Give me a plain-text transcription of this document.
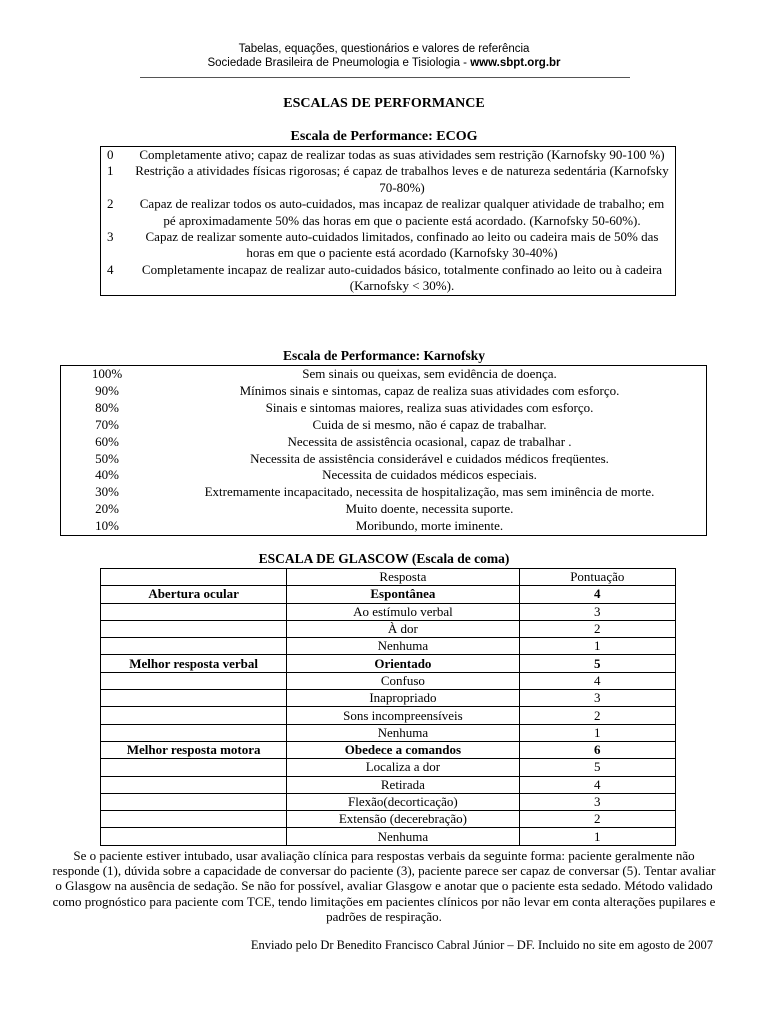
Tabelas, equações, questionários e valores de referência
Sociedade Brasileira de Pneumologia e Tisiologia - www.sbpt.org.br
ESCALAS DE PERFORMANCE
Escala de Performance: ECOG
0	Completamente ativo; capaz de realizar todas as suas atividades sem restrição (Karnofsky 90-100 %)
1	Restrição a atividades físicas rigorosas; é capaz de trabalhos leves e de natureza sedentária (Karnofsky 70-80%)
2	Capaz de realizar todos os auto-cuidados, mas incapaz de realizar qualquer atividade de trabalho; em pé aproximadamente 50% das horas em que o paciente está acordado. (Karnofsky 50-60%).
3	Capaz de realizar somente auto-cuidados limitados, confinado ao leito ou cadeira mais de 50% das horas em que o paciente está acordado (Karnofsky 30-40%)
4	Completamente incapaz de realizar auto-cuidados básico, totalmente confinado ao leito ou à cadeira (Karnofsky < 30%).
Escala de Performance: Karnofsky
100%	Sem sinais ou queixas, sem evidência de doença.
90%	Mínimos sinais e sintomas, capaz de realiza suas atividades com esforço.
80%	Sinais e sintomas maiores, realiza suas atividades com esforço.
70%	Cuida de si mesmo, não é capaz de trabalhar.
60%	Necessita de assistência ocasional, capaz de trabalhar .
50%	Necessita de assistência considerável e cuidados médicos freqüentes.
40%	Necessita de cuidados médicos especiais.
30%	Extremamente incapacitado, necessita de hospitalização, mas sem iminência de morte.
20%	Muito doente, necessita suporte.
10%	Moribundo, morte iminente.
ESCALA DE GLASCOW (Escala de coma)
	Resposta	Pontuação
Abertura ocular	Espontânea	4
	Ao estímulo verbal	3
	À dor	2
	Nenhuma	1
Melhor resposta verbal	Orientado	5
	Confuso	4
	Inapropriado	3
	Sons incompreensíveis	2
	Nenhuma	1
Melhor resposta motora	Obedece a comandos	6
	Localiza a dor	5
	Retirada	4
	Flexão(decorticação)	3
	Extensão (decerebração)	2
	Nenhuma	1
Se o paciente estiver intubado, usar avaliação clínica para respostas verbais da seguinte forma: paciente geralmente não responde (1), dúvida sobre a capacidade de conversar do paciente (3), paciente parece ser capaz de conversar (5). Tentar avaliar o Glasgow na ausência de sedação. Se não for possível, avaliar Glasgow e anotar que o paciente esta sedado. Método validado como prognóstico para paciente com TCE, tendo limitações em pacientes clínicos por não levar em conta alterações pupilares e padrões de respiração.
Enviado pelo Dr Benedito Francisco Cabral Júnior – DF. Incluido no site em agosto de 2007
